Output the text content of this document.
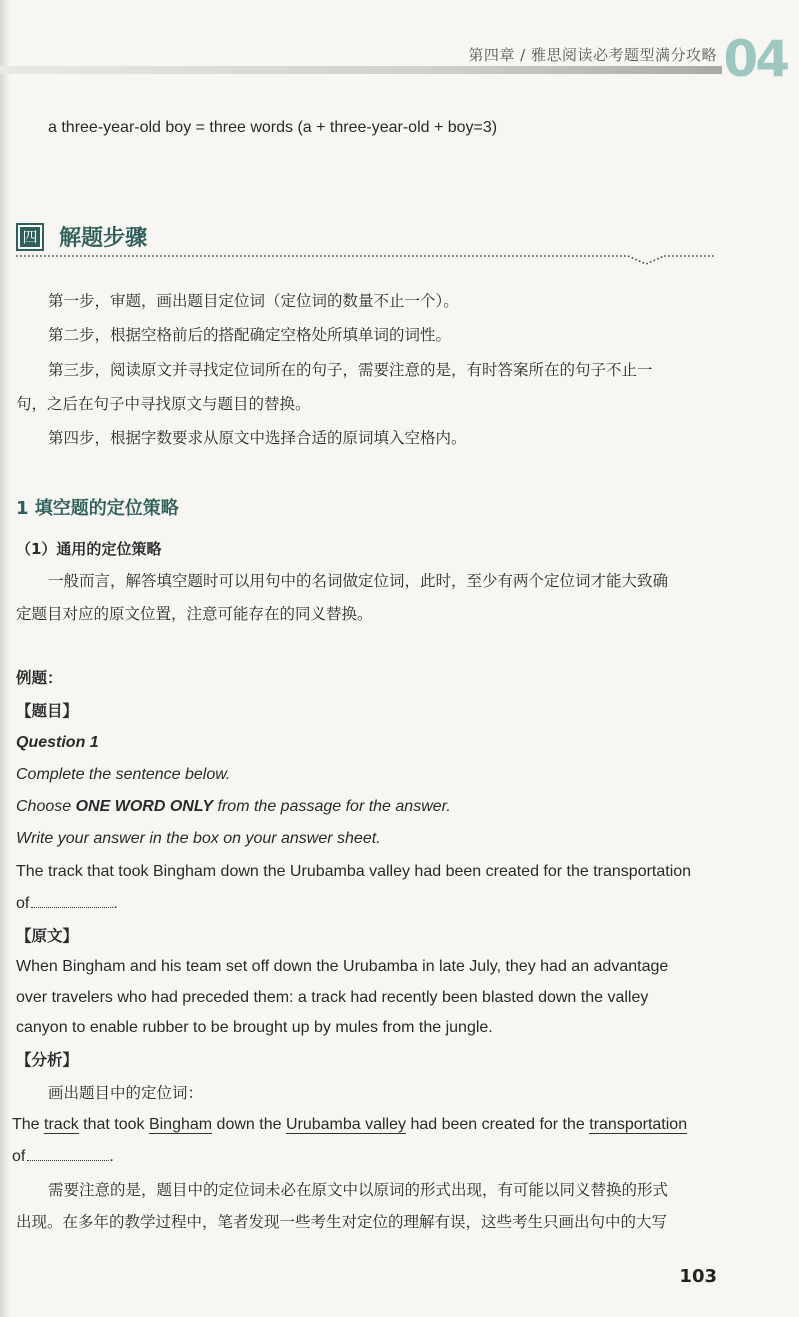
第四章 / 雅思阅读必考题型满分攻略 04
a three-year-old boy = three words (a + three-year-old + boy=3)
四 解题步骤
第一步，审题，画出题目定位词（定位词的数量不止一个）。
第二步，根据空格前后的搭配确定空格处所填单词的词性。
第三步，阅读原文并寻找定位词所在的句子，需要注意的是，有时答案所在的句子不止一
句，之后在句子中寻找原文与题目的替换。
第四步，根据字数要求从原文中选择合适的原词填入空格内。
1 填空题的定位策略
（1）通用的定位策略
一般而言，解答填空题时可以用句中的名词做定位词，此时，至少有两个定位词才能大致确
定题目对应的原文位置，注意可能存在的同义替换。
例题：
【题目】
Question 1
Complete the sentence below.
Choose ONE WORD ONLY from the passage for the answer.
Write your answer in the box on your answer sheet.
The track that took Bingham down the Urubamba valley had been created for the transportation
of	.
【原文】
When Bingham and his team set off down the Urubamba in late July, they had an advantage
over travelers who had preceded them: a track had recently been blasted down the valley
canyon to enable rubber to be brought up by mules from the jungle.
【分析】
画出题目中的定位词：
The track that took Bingham down the Urubamba valley had been created for the transportation
of	.
需要注意的是，题目中的定位词未必在原文中以原词的形式出现，有可能以同义替换的形式
出现。在多年的教学过程中，笔者发现一些考生对定位的理解有误，这些考生只画出句中的大写
103
